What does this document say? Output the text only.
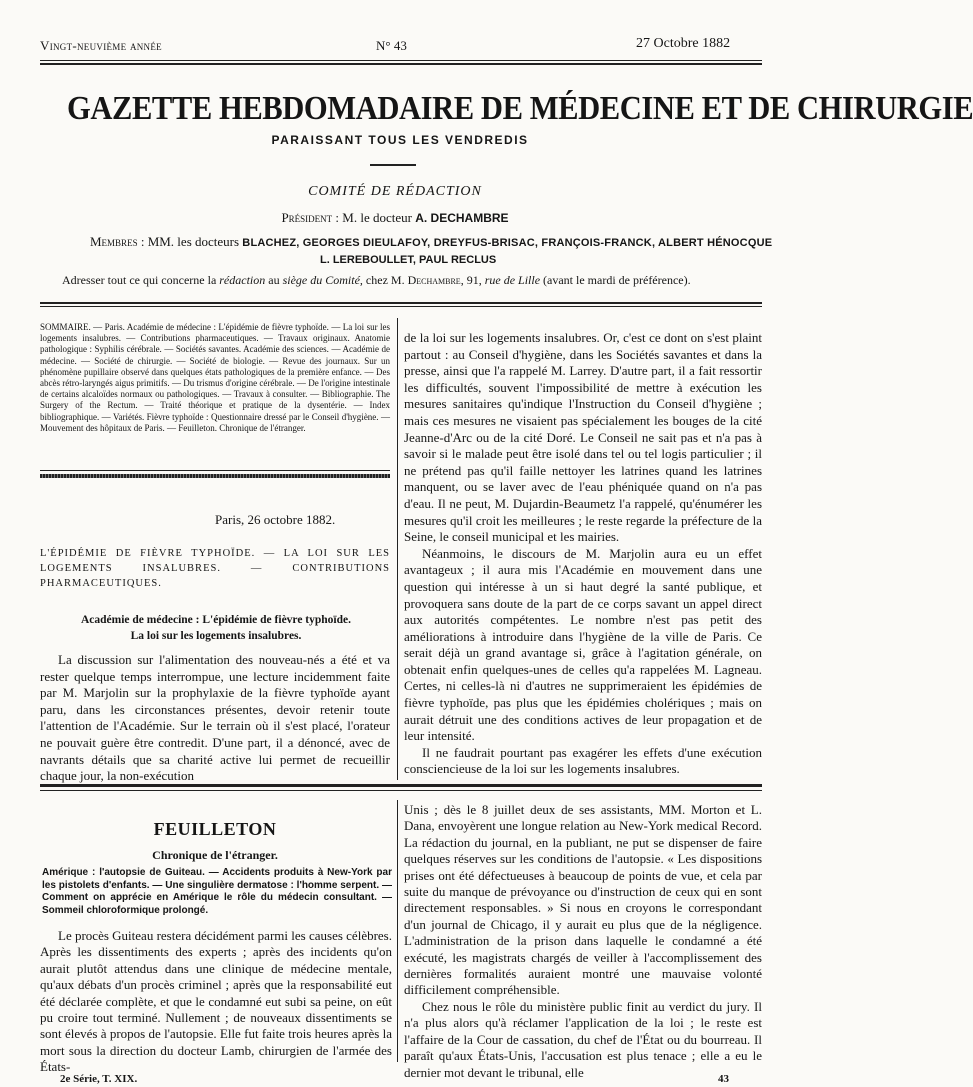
Vingt-neuvième année	N° 43	27 Octobre 1882
GAZETTE HEBDOMADAIRE DE MÉDECINE ET DE CHIRURGIE
PARAISSANT TOUS LES VENDREDIS
COMITÉ DE RÉDACTION
Président : M. le docteur A. DECHAMBRE
Membres : MM. les docteurs BLACHEZ, GEORGES DIEULAFOY, DREYFUS-BRISAC, FRANÇOIS-FRANCK, ALBERT HÉNOCQUE
L. LEREBOULLET, PAUL RECLUS
Adresser tout ce qui concerne la rédaction au siège du Comité, chez M. Dechambre, 91, rue de Lille (avant le mardi de préférence).
SOMMAIRE. — Paris. Académie de médecine : L'épidémie de fièvre typhoïde. — La loi sur les logements insalubres. — Contributions pharmaceutiques. — Travaux originaux. Anatomie pathologique : Syphilis cérébrale. — Sociétés savantes. Académie des sciences. — Académie de médecine. — Société de chirurgie. — Société de biologie. — Revue des journaux. Sur un phénomène pupillaire observé dans quelques états pathologiques de la première enfance. — Des abcès rétro-laryngés aigus primitifs. — Du trismus d'origine cérébrale. — De l'origine intestinale de certains alcaloïdes normaux ou pathologiques. — Travaux à consulter. — Bibliographie. The Surgery of the Rectum. — Traité théorique et pratique de la dysentérie. — Index bibliographique. — Variétés. Fièvre typhoïde : Questionnaire dressé par le Conseil d'hygiène. — Mouvement des hôpitaux de Paris. — Feuilleton. Chronique de l'étranger.
Paris, 26 octobre 1882.
L'ÉPIDÉMIE DE FIÈVRE TYPHOÏDE. — LA LOI SUR LES LOGEMENTS INSALUBRES. — CONTRIBUTIONS PHARMACEUTIQUES.
Académie de médecine : L'épidémie de fièvre typhoïde.
La loi sur les logements insalubres.

La discussion sur l'alimentation des nouveau-nés a été et va rester quelque temps interrompue, une lecture incidemment faite par M. Marjolin sur la prophylaxie de la fièvre typhoïde ayant paru, dans les circonstances présentes, devoir retenir toute l'attention de l'Académie. Sur le terrain où il s'est placé, l'orateur ne pouvait guère être contredit. D'une part, il a dénoncé, avec de navrants détails que sa charité active lui permet de recueillir chaque jour, la non-exécution

de la loi sur les logements insalubres. Or, c'est ce dont on s'est plaint partout : au Conseil d'hygiène, dans les Sociétés savantes et dans la presse, ainsi que l'a rappelé M. Larrey. D'autre part, il a fait ressortir les difficultés, souvent l'impossibilité de mettre à exécution les mesures sanitaires qu'indique l'Instruction du Conseil d'hygiène ; mais ces mesures ne visaient pas spécialement les bouges de la cité Jeanne-d'Arc ou de la cité Doré. Le Conseil ne sait pas et n'a pas à savoir si le malade peut être isolé dans tel ou tel logis particulier ; il ne prétend pas qu'il faille nettoyer les latrines quand les latrines manquent, ou se laver avec de l'eau phéniquée quand on n'a pas d'eau. Il ne peut, M. Dujardin-Beaumetz l'a rappelé, qu'énumérer les mesures qu'il croit les meilleures ; le reste regarde la préfecture de la Seine, le conseil municipal et les mairies.

Néanmoins, le discours de M. Marjolin aura eu un effet avantageux ; il aura mis l'Académie en mouvement dans une question qui intéresse à un si haut degré la santé publique, et provoquera sans doute de la part de ce corps savant un appel direct aux autorités compétentes. Le nombre n'est pas petit des améliorations à introduire dans l'hygiène de la ville de Paris. Ce serait déjà un grand avantage si, grâce à l'agitation générale, on obtenait enfin quelques-unes de celles qu'a rappelées M. Lagneau. Certes, ni celles-là ni d'autres ne supprimeraient les épidémies de fièvre typhoïde, pas plus que les épidémies cholériques ; mais on aurait détruit une des conditions actives de leur propagation et de leur intensité.

Il ne faudrait pourtant pas exagérer les effets d'une exécution consciencieuse de la loi sur les logements insalubres.

FEUILLETON
Chronique de l'étranger.
Amérique : l'autopsie de Guiteau. — Accidents produits à New-York par les pistolets d'enfants. — Une singulière dermatose : l'homme serpent. — Comment on apprécie en Amérique le rôle du médecin consultant. — Sommeil chloroformique prolongé.

Le procès Guiteau restera décidément parmi les causes célèbres. Après les dissentiments des experts ; après des incidents qu'on aurait plutôt attendus dans une clinique de médecine mentale, qu'aux débats d'un procès criminel ; après que la responsabilité eut été déclarée complète, et que le condamné eut subi sa peine, on eût pu croire tout terminé. Nullement ; de nouveaux dissentiments se sont élevés à propos de l'autopsie. Elle fut faite trois heures après la mort sous la direction du docteur Lamb, chirurgien de l'armée des États-

Unis ; dès le 8 juillet deux de ses assistants, MM. Morton et L. Dana, envoyèrent une longue relation au New-York medical Record. La rédaction du journal, en la publiant, ne put se dispenser de faire quelques réserves sur les conditions de l'autopsie. « Les dispositions prises ont été défectueuses à beaucoup de points de vue, et cela par suite du manque de prévoyance ou d'instruction de ceux qui en sont directement responsables. » Si nous en croyons le correspondant d'un journal de Chicago, il y aurait eu plus que de la négligence. L'administration de la prison dans laquelle le condamné a été exécuté, les magistrats chargés de veiller à l'accomplissement des dernières formalités auraient montré une mauvaise volonté difficilement compréhensible.

Chez nous le rôle du ministère public finit au verdict du jury. Il n'a plus alors qu'à réclamer l'application de la loi ; le reste est l'affaire de la Cour de cassation, du chef de l'État ou du bourreau. Il paraît qu'aux États-Unis, l'accusation est plus tenace ; elle a eu le dernier mot devant le tribunal, elle

2e Série, T. XIX.	43
